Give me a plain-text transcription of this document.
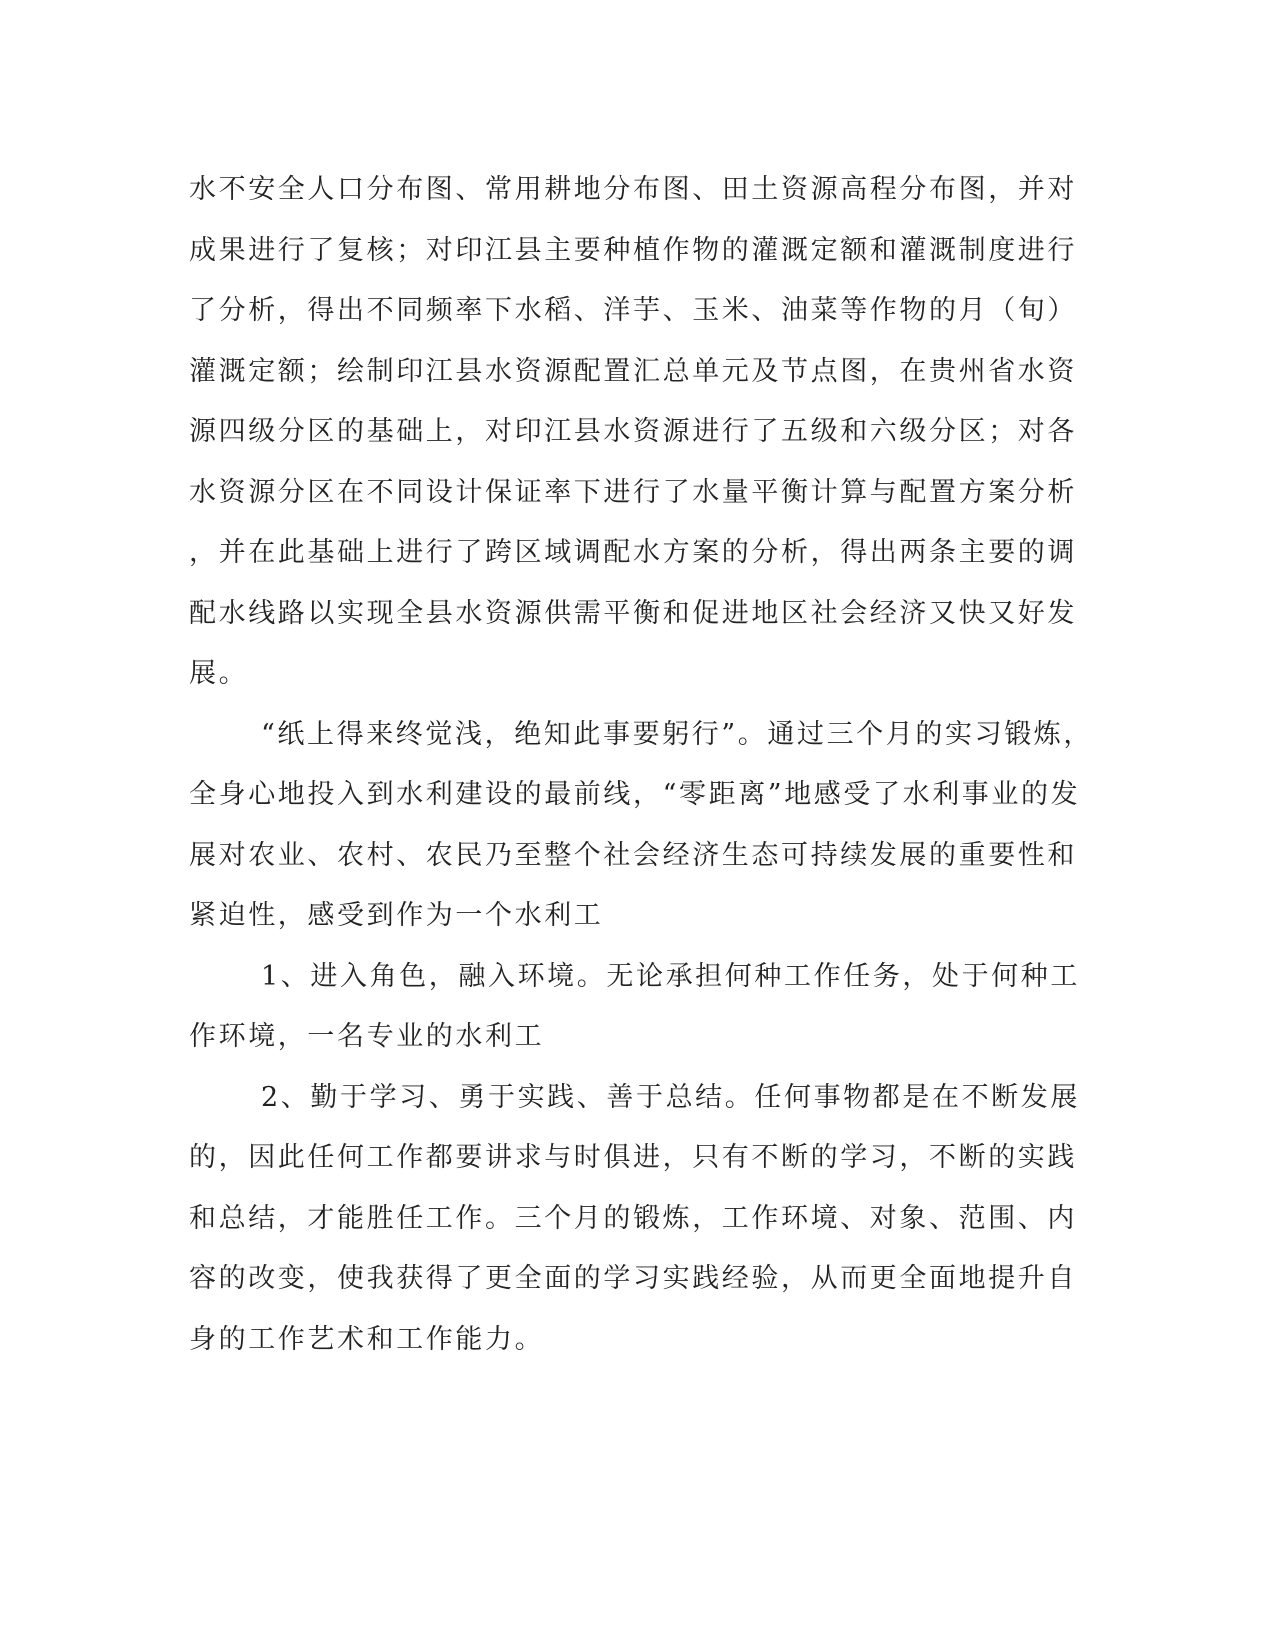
水不安全人口分布图、常用耕地分布图、田土资源高程分布图，并对
成果进行了复核；对印江县主要种植作物的灌溉定额和灌溉制度进行
了分析，得出不同频率下水稻、洋芋、玉米、油菜等作物的月（旬）
灌溉定额；绘制印江县水资源配置汇总单元及节点图，在贵州省水资
源四级分区的基础上，对印江县水资源进行了五级和六级分区；对各
水资源分区在不同设计保证率下进行了水量平衡计算与配置方案分析
，并在此基础上进行了跨区域调配水方案的分析，得出两条主要的调
配水线路以实现全县水资源供需平衡和促进地区社会经济又快又好发
展。
“纸上得来终觉浅，绝知此事要躬行”。通过三个月的实习锻炼，
全身心地投入到水利建设的最前线，“零距离”地感受了水利事业的发
展对农业、农村、农民乃至整个社会经济生态可持续发展的重要性和
紧迫性，感受到作为一个水利工
1、进入角色，融入环境。无论承担何种工作任务，处于何种工
作环境，一名专业的水利工
2、勤于学习、勇于实践、善于总结。任何事物都是在不断发展
的，因此任何工作都要讲求与时俱进，只有不断的学习，不断的实践
和总结，才能胜任工作。三个月的锻炼，工作环境、对象、范围、内
容的改变，使我获得了更全面的学习实践经验，从而更全面地提升自
身的工作艺术和工作能力。
